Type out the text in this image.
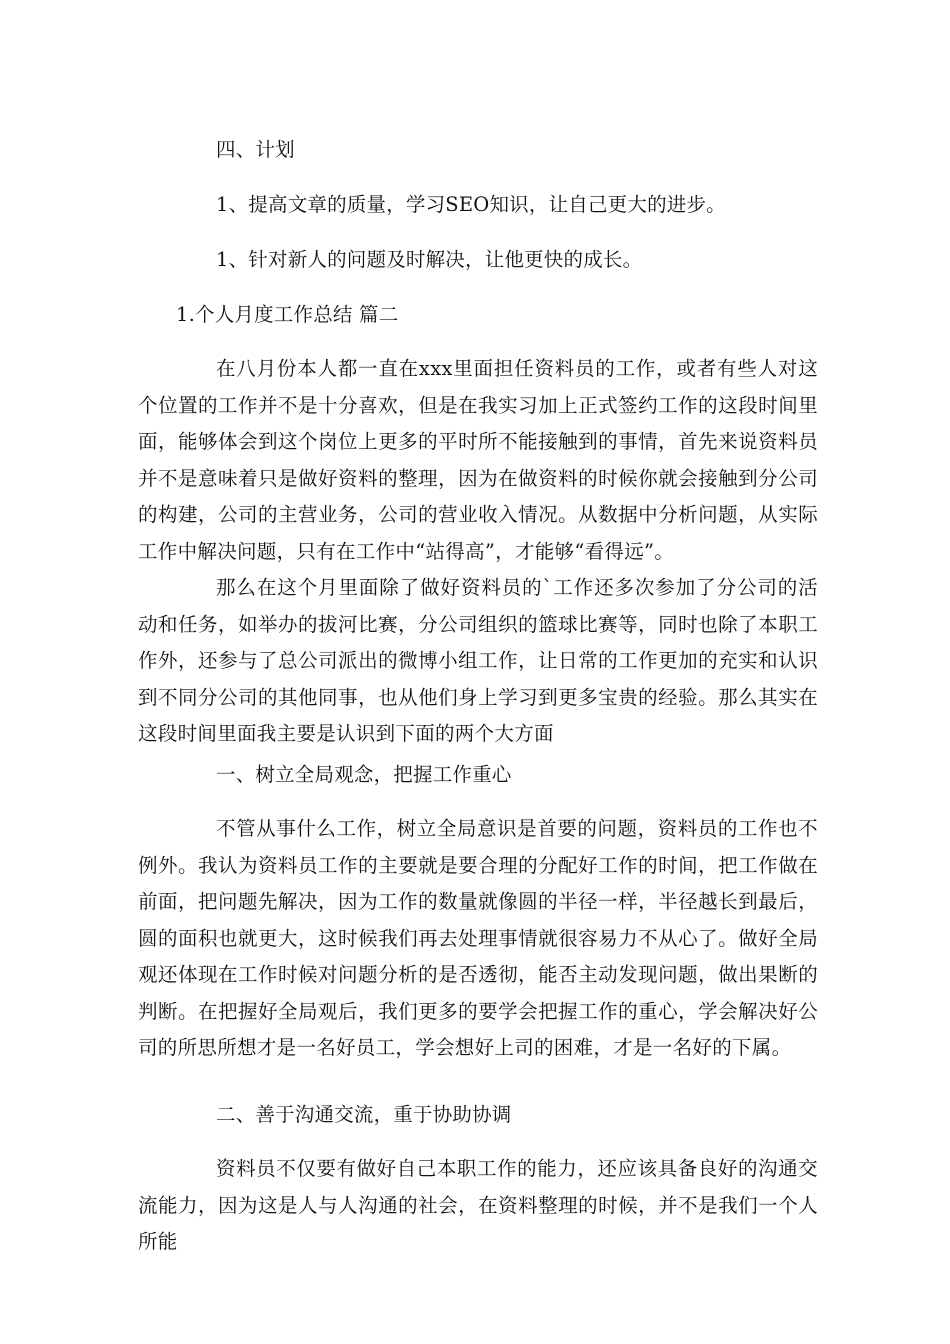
四、计划
1、提高文章的质量，学习SEO知识，让自己更大的进步。
1、针对新人的问题及时解决，让他更快的成长。
1.个人月度工作总结 篇二
在八月份本人都一直在xxx里面担任资料员的工作，或者有些人对这个位置的工作并不是十分喜欢，但是在我实习加上正式签约工作的这段时间里面，能够体会到这个岗位上更多的平时所不能接触到的事情，首先来说资料员并不是意味着只是做好资料的整理，因为在做资料的时候你就会接触到分公司的构建，公司的主营业务，公司的营业收入情况。从数据中分析问题，从实际工作中解决问题，只有在工作中“站得高”，才能够“看得远”。
那么在这个月里面除了做好资料员的`工作还多次参加了分公司的活动和任务，如举办的拔河比赛，分公司组织的篮球比赛等，同时也除了本职工作外，还参与了总公司派出的微博小组工作，让日常的工作更加的充实和认识到不同分公司的其他同事，也从他们身上学习到更多宝贵的经验。那么其实在这段时间里面我主要是认识到下面的两个大方面
一、树立全局观念，把握工作重心
不管从事什么工作，树立全局意识是首要的问题，资料员的工作也不例外。我认为资料员工作的主要就是要合理的分配好工作的时间，把工作做在前面，把问题先解决，因为工作的数量就像圆的半径一样，半径越长到最后，圆的面积也就更大，这时候我们再去处理事情就很容易力不从心了。做好全局观还体现在工作时候对问题分析的是否透彻，能否主动发现问题，做出果断的判断。在把握好全局观后，我们更多的要学会把握工作的重心，学会解决好公司的所思所想才是一名好员工，学会想好上司的困难，才是一名好的下属。
二、善于沟通交流，重于协助协调
资料员不仅要有做好自己本职工作的能力，还应该具备良好的沟通交流能力，因为这是人与人沟通的社会，在资料整理的时候，并不是我们一个人所能
